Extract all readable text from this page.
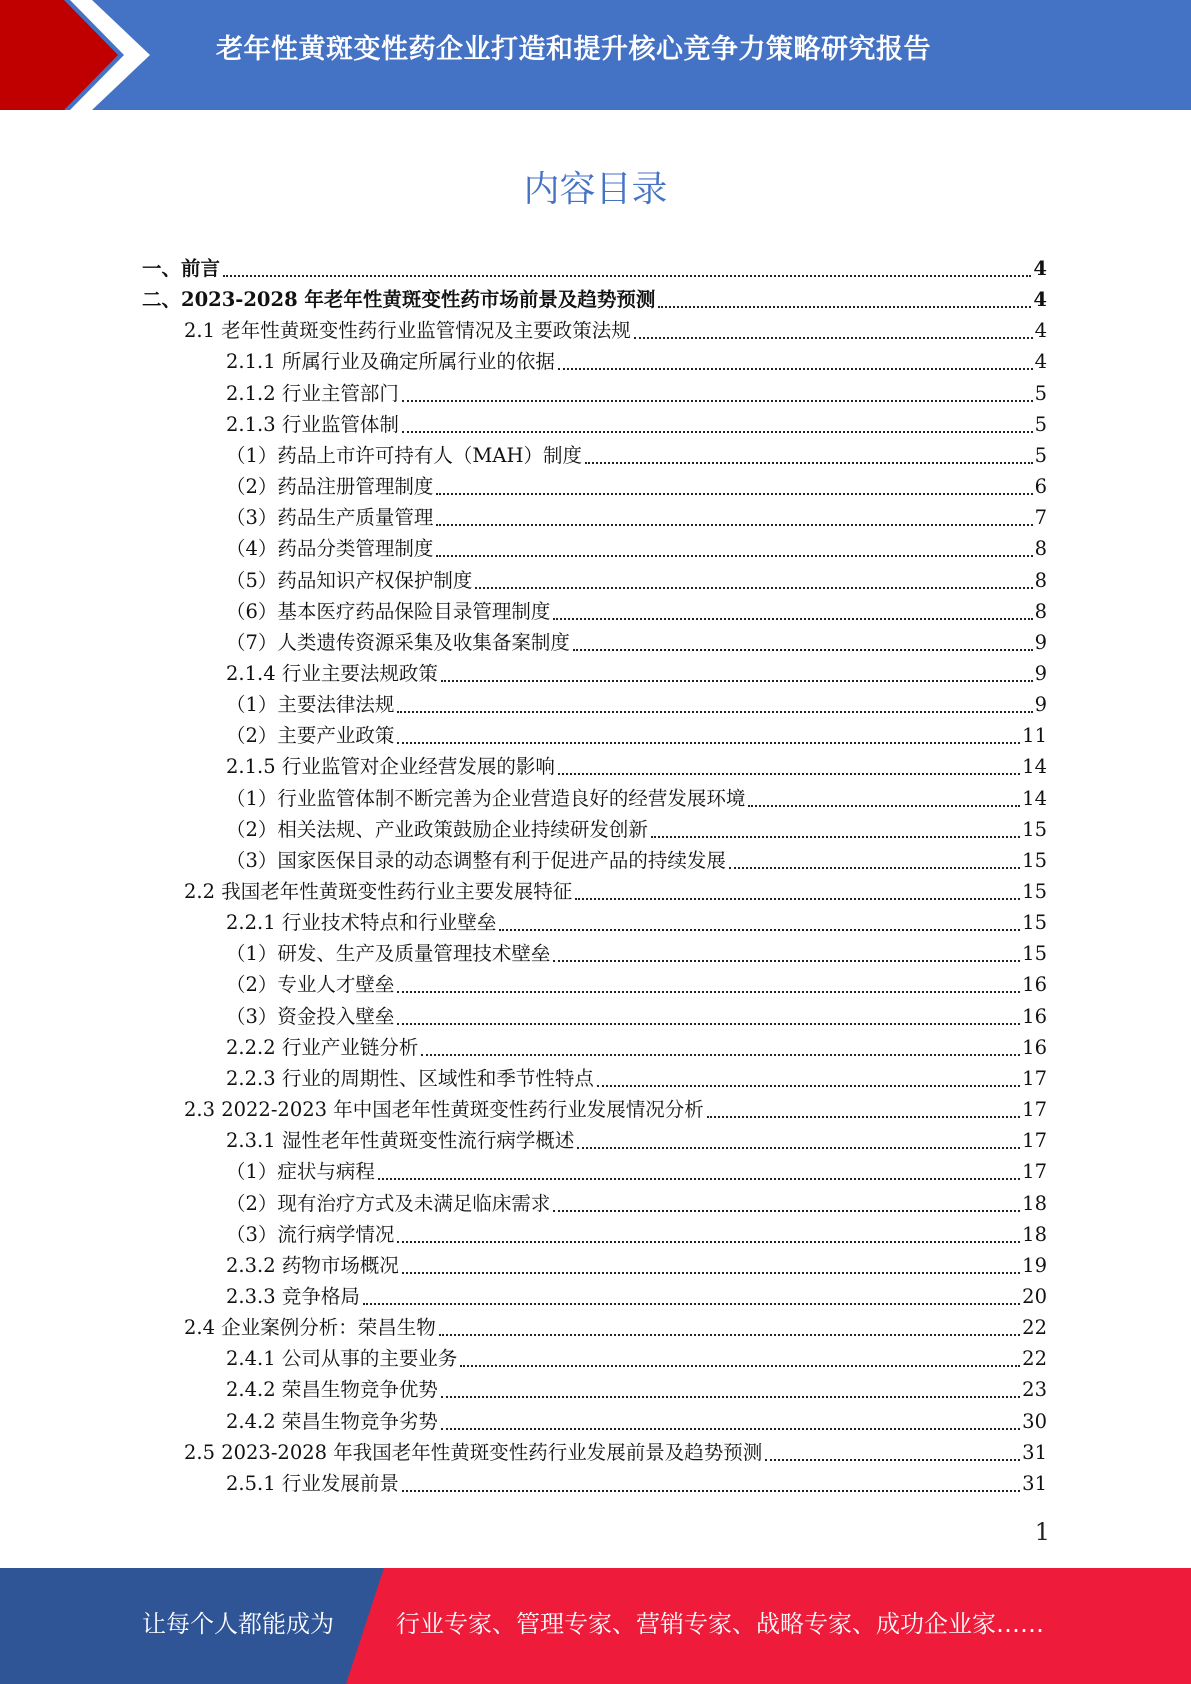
老年性黄斑变性药企业打造和提升核心竞争力策略研究报告
内容目录
一、前言	4
二、2023-2028 年老年性黄斑变性药市场前景及趋势预测	4
2.1 老年性黄斑变性药行业监管情况及主要政策法规	4
2.1.1 所属行业及确定所属行业的依据	4
2.1.2 行业主管部门	5
2.1.3 行业监管体制	5
（1）药品上市许可持有人（MAH）制度	5
（2）药品注册管理制度	6
（3）药品生产质量管理	7
（4）药品分类管理制度	8
（5）药品知识产权保护制度	8
（6）基本医疗药品保险目录管理制度	8
（7）人类遗传资源采集及收集备案制度	9
2.1.4 行业主要法规政策	9
（1）主要法律法规	9
（2）主要产业政策	11
2.1.5 行业监管对企业经营发展的影响	14
（1）行业监管体制不断完善为企业营造良好的经营发展环境	14
（2）相关法规、产业政策鼓励企业持续研发创新	15
（3）国家医保目录的动态调整有利于促进产品的持续发展	15
2.2 我国老年性黄斑变性药行业主要发展特征	15
2.2.1 行业技术特点和行业壁垒	15
（1）研发、生产及质量管理技术壁垒	15
（2）专业人才壁垒	16
（3）资金投入壁垒	16
2.2.2 行业产业链分析	16
2.2.3 行业的周期性、区域性和季节性特点	17
2.3 2022-2023 年中国老年性黄斑变性药行业发展情况分析	17
2.3.1 湿性老年性黄斑变性流行病学概述	17
（1）症状与病程	17
（2）现有治疗方式及未满足临床需求	18
（3）流行病学情况	18
2.3.2 药物市场概况	19
2.3.3 竞争格局	20
2.4 企业案例分析：荣昌生物	22
2.4.1 公司从事的主要业务	22
2.4.2 荣昌生物竞争优势	23
2.4.2 荣昌生物竞争劣势	30
2.5 2023-2028 年我国老年性黄斑变性药行业发展前景及趋势预测	31
2.5.1 行业发展前景	31
1
让每个人都能成为	行业专家、管理专家、营销专家、战略专家、成功企业家……
